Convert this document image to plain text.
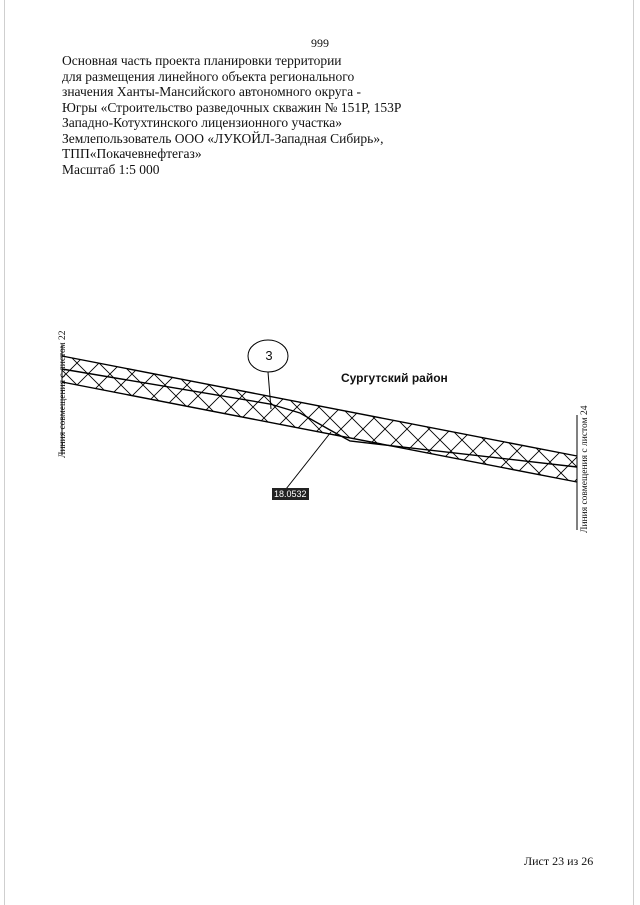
999
Основная часть проекта планировки территории
для размещения линейного объекта регионального
значения Ханты-Мансийского автономного округа -
Югры «Строительство разведочных скважин № 151Р, 153Р
Западно-Котухтинского лицензионного участка»
Землепользователь ООО «ЛУКОЙЛ-Западная Сибирь»,
ТПП«Покачевнефтегаз»
Масштаб 1:5 000
3
Сургутский район
18.0532
Линия совмещения с листом 22
Линия совмещения с листом 24
Лист 23 из 26
